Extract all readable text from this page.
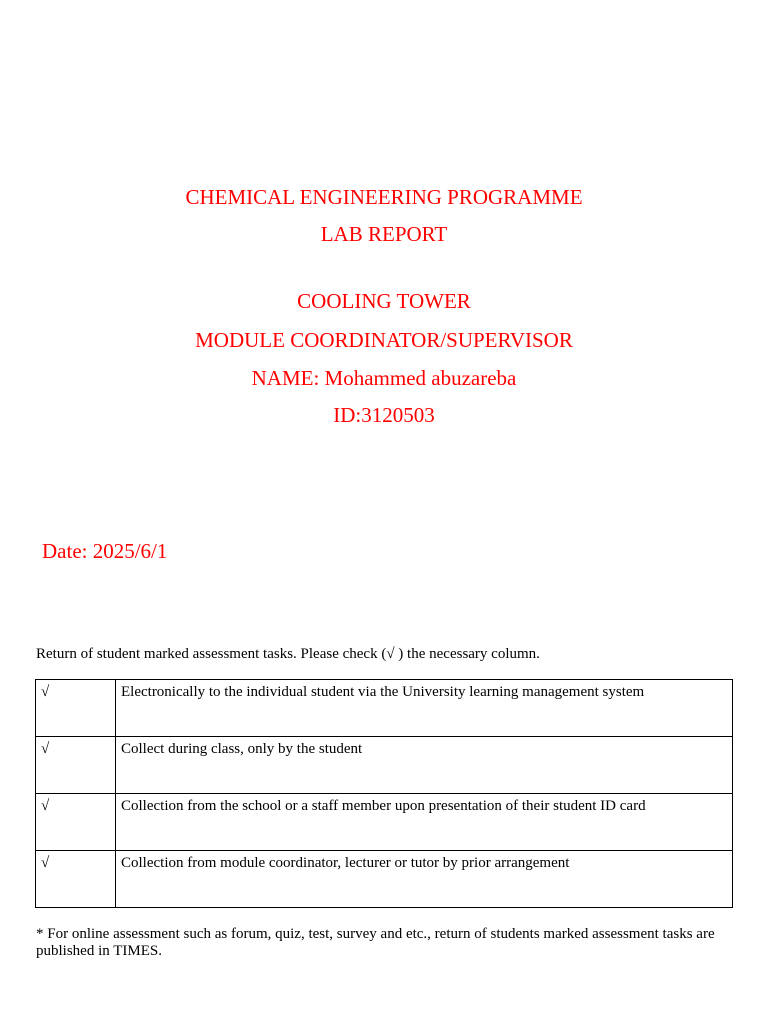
CHEMICAL ENGINEERING PROGRAMME
LAB REPORT
COOLING TOWER
MODULE COORDINATOR/SUPERVISOR
NAME: Mohammed abuzareba
ID:3120503
Date: 2025/6/1
Return of student marked assessment tasks. Please check (√ ) the necessary column.
√	Electronically to the individual student via the University learning management system
√	Collect during class, only by the student
√	Collection from the school or a staff member upon presentation of their student ID card
√	Collection from module coordinator, lecturer or tutor by prior arrangement
* For online assessment such as forum, quiz, test, survey and etc., return of students marked assessment tasks are published in TIMES.
